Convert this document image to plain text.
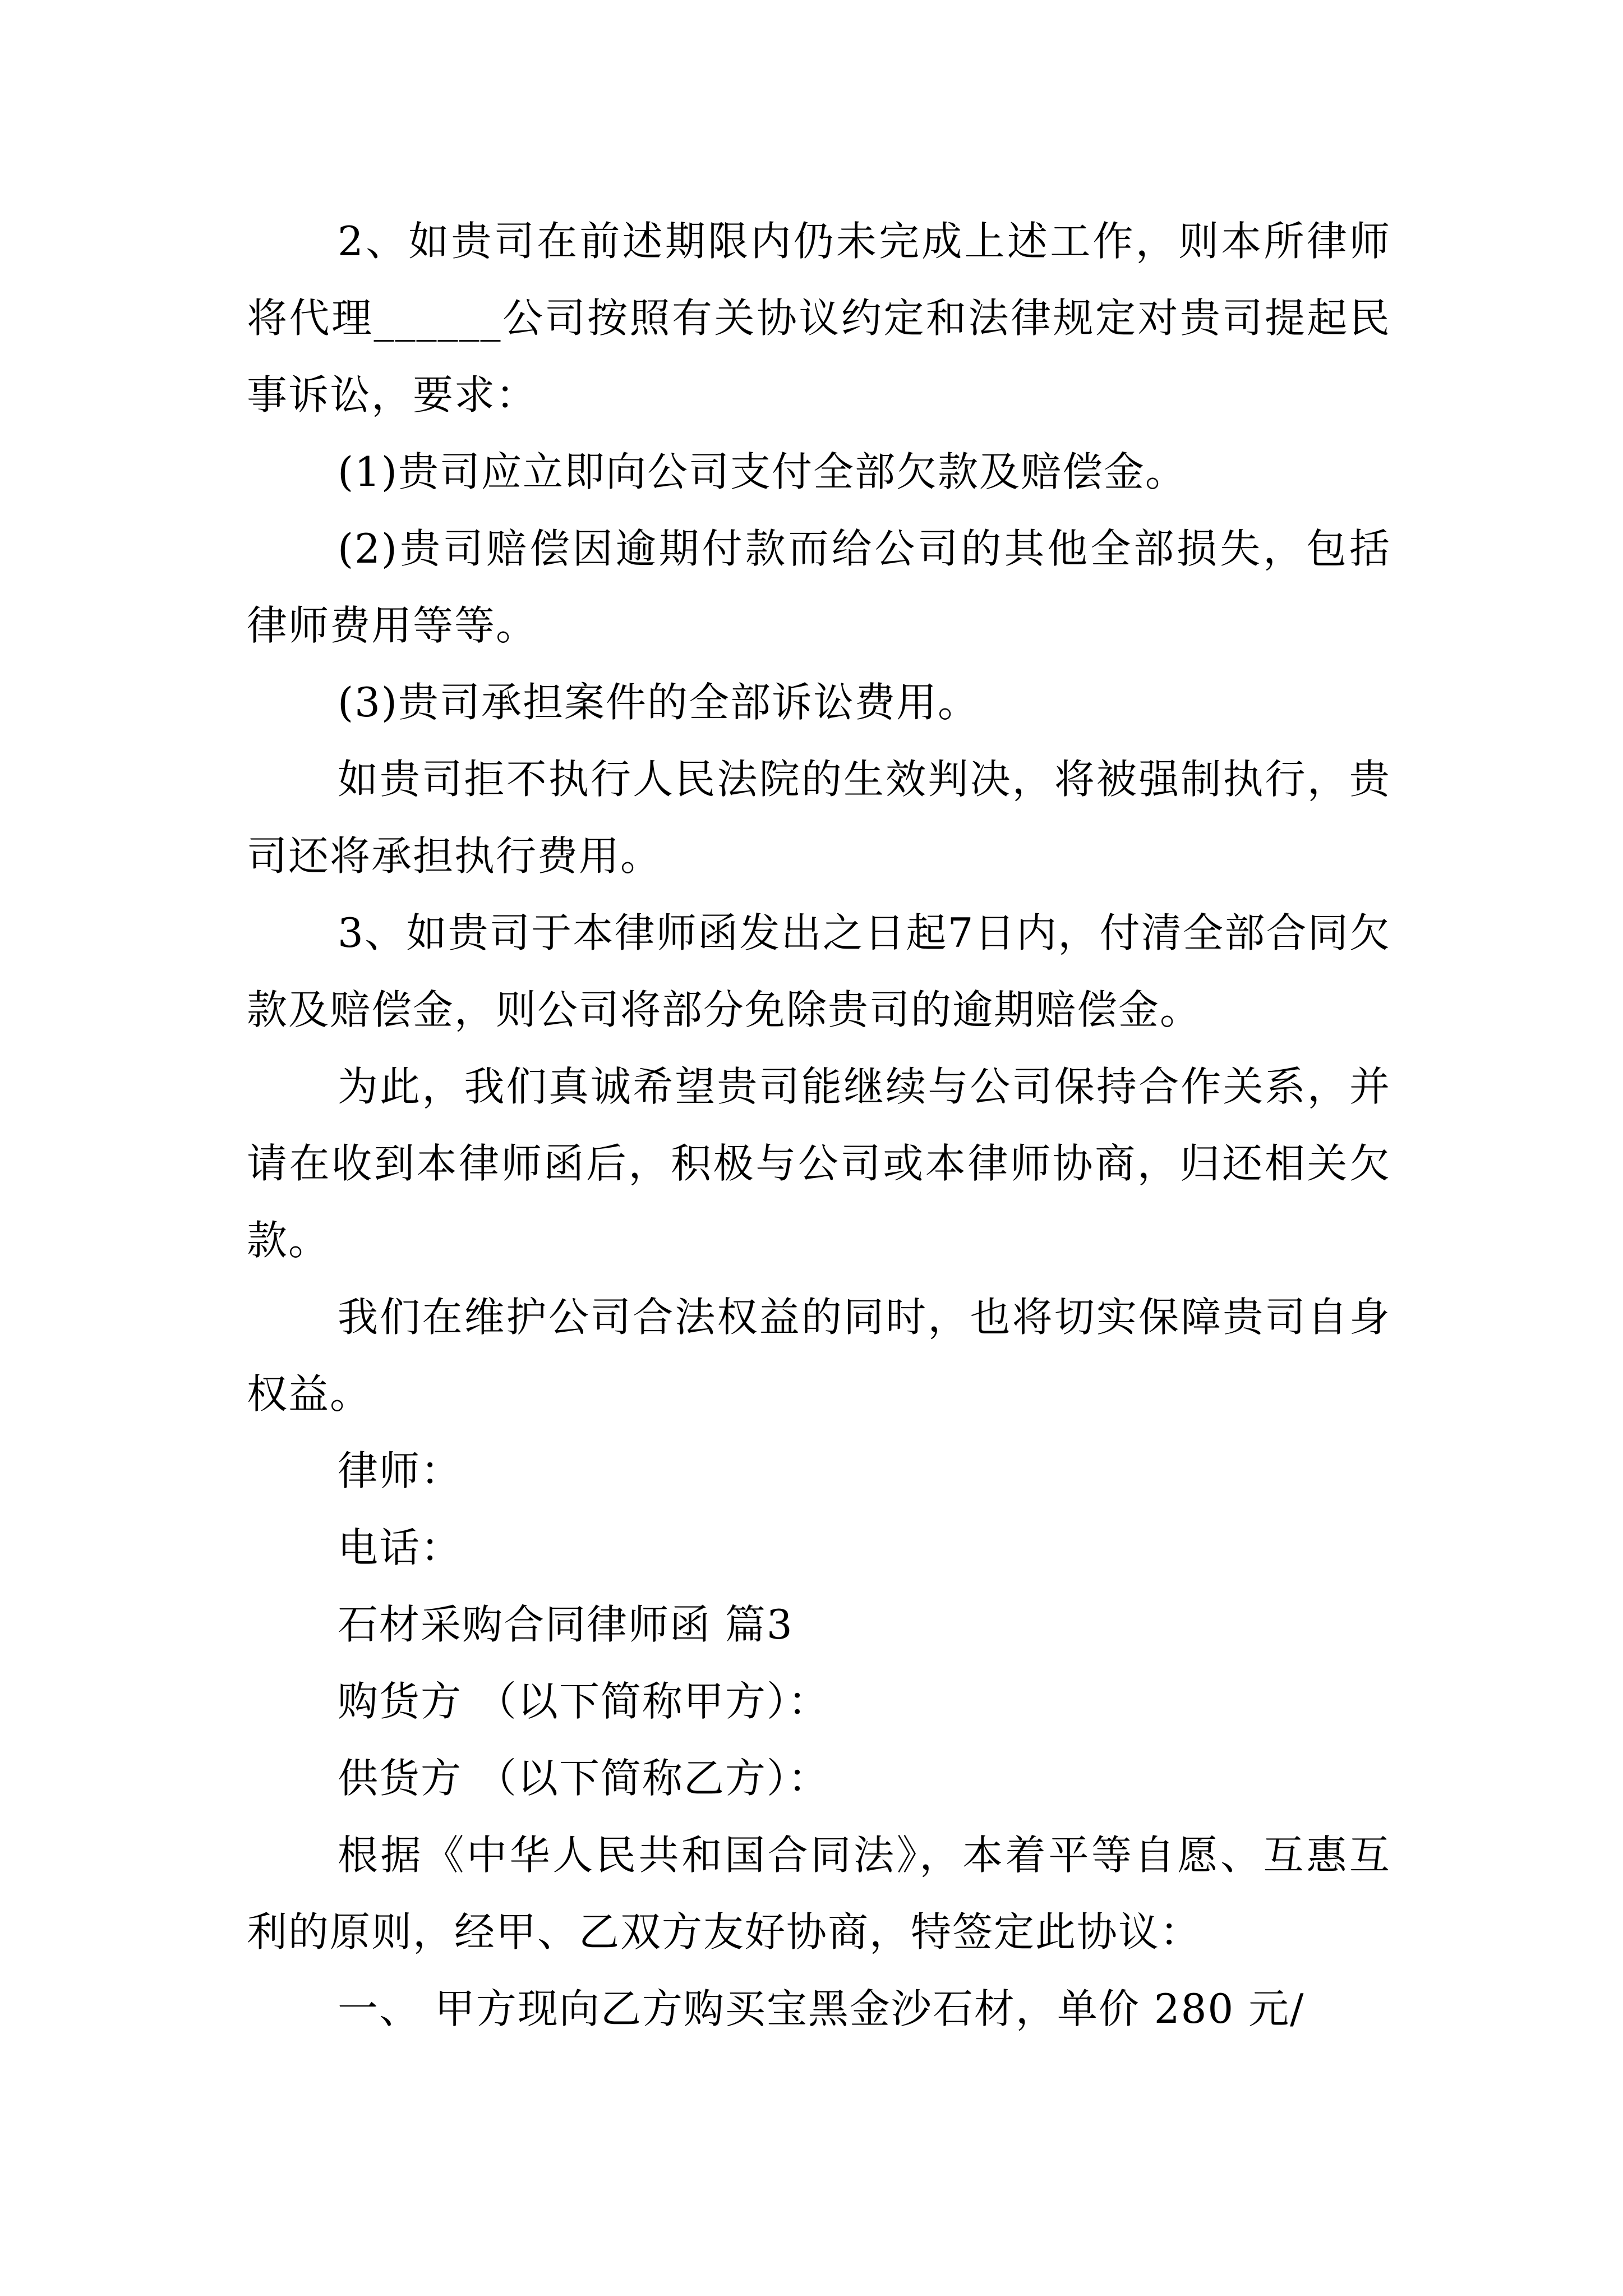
2、如贵司在前述期限内仍未完成上述工作，则本所律师将代理______公司按照有关协议约定和法律规定对贵司提起民事诉讼，要求：

(1)贵司应立即向公司支付全部欠款及赔偿金。

(2)贵司赔偿因逾期付款而给公司的其他全部损失，包括律师费用等等。

(3)贵司承担案件的全部诉讼费用。

如贵司拒不执行人民法院的生效判决，将被强制执行，贵司还将承担执行费用。

3、如贵司于本律师函发出之日起7日内，付清全部合同欠款及赔偿金，则公司将部分免除贵司的逾期赔偿金。

为此，我们真诚希望贵司能继续与公司保持合作关系，并请在收到本律师函后，积极与公司或本律师协商，归还相关欠款。

我们在维护公司合法权益的同时，也将切实保障贵司自身权益。

律师：

电话：

石材采购合同律师函 篇3

购货方 （以下简称甲方）：

供货方 （以下简称乙方）：

根据《中华人民共和国合同法》，本着平等自愿、互惠互利的原则，经甲、乙双方友好协商，特签定此协议：

一、 甲方现向乙方购买宝黑金沙石材，单价 280 元/
